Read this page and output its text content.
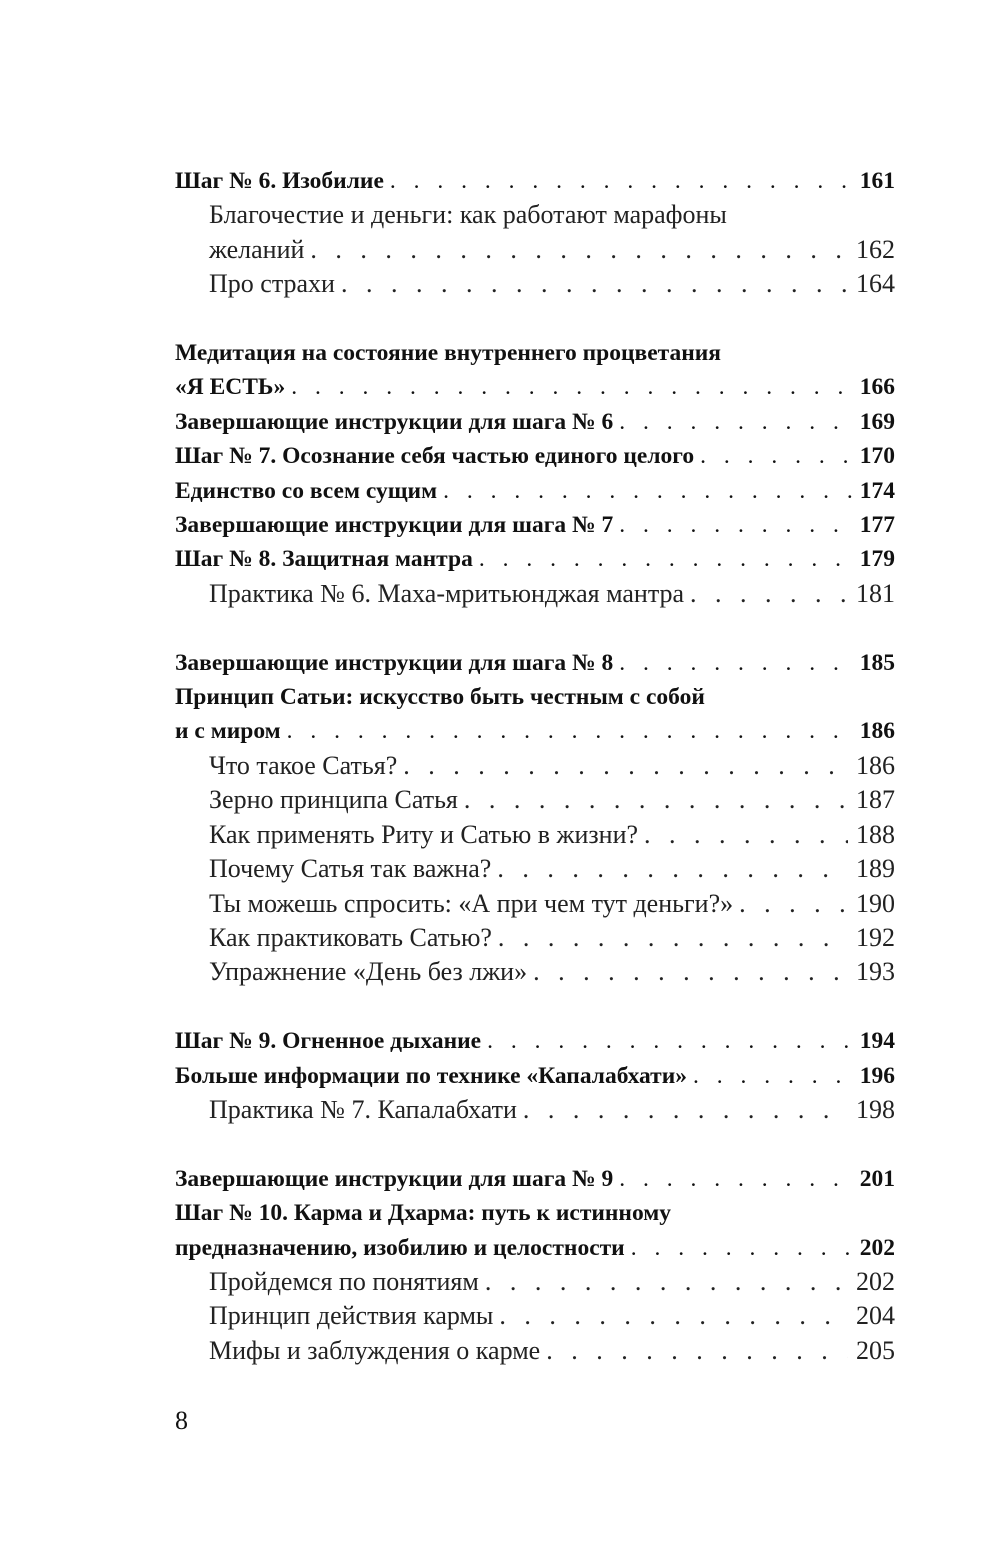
Шаг № 6. Изобилие . . .	161
Благочестие и деньги: как работают марафоны
желаний . . .	162
Про страхи . . .	164
Медитация на состояние внутреннего процветания
«Я ЕСТЬ» . . .	166
Завершающие инструкции для шага № 6 . . .	169
Шаг № 7. Осознание себя частью единого целого . . .	170
Единство со всем сущим . . .	174
Завершающие инструкции для шага № 7 . . .	177
Шаг № 8. Защитная мантра . . .	179
Практика № 6. Маха-мритьюнджая мантра . . .	181
Завершающие инструкции для шага № 8 . . .	185
Принцип Сатьи: искусство быть честным с собой
и с миром . . .	186
Что такое Сатья? . . .	186
Зерно принципа Сатья . . .	187
Как применять Риту и Сатью в жизни? . . .	188
Почему Сатья так важна? . . .	189
Ты можешь спросить: «А при чем тут деньги?» . . .	190
Как практиковать Сатью? . . .	192
Упражнение «День без лжи» . . .	193
Шаг № 9. Огненное дыхание . . .	194
Больше информации по технике «Капалабхати» . . .	196
Практика № 7. Капалабхати . . .	198
Завершающие инструкции для шага № 9 . . .	201
Шаг № 10. Карма и Дхарма: путь к истинному
предназначению, изобилию и целостности . . .	202
Пройдемся по понятиям . . .	202
Принцип действия кармы . . .	204
Мифы и заблуждения о карме . . .	205
8
